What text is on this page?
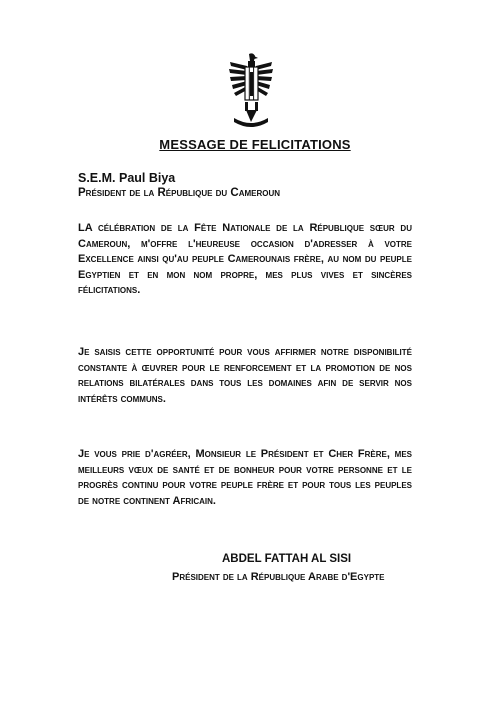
MESSAGE DE FELICITATIONS
S.E.M. Paul Biya
Président de la République du Cameroun
LA célébration de la Fête Nationale de la République sœur du Cameroun, m'offre l'heureuse occasion d'adresser à votre Excellence ainsi qu'au peuple Camerounais frère, au nom du peuple Egyptien et en mon nom propre, mes plus vives et sincères félicitations.
Je saisis cette opportunité pour vous affirmer notre disponibilité constante à œuvrer pour le renforcement et la promotion de nos relations bilatérales dans tous les domaines afin de servir nos intérêts communs.
Je vous prie d'agréer, Monsieur le Président et Cher Frère, mes meilleurs vœux de santé et de bonheur pour votre personne et le progrès continu pour votre peuple frère et pour tous les peuples de notre continent Africain.
ABDEL FATTAH AL SISI
Président de la République Arabe d'Egypte
